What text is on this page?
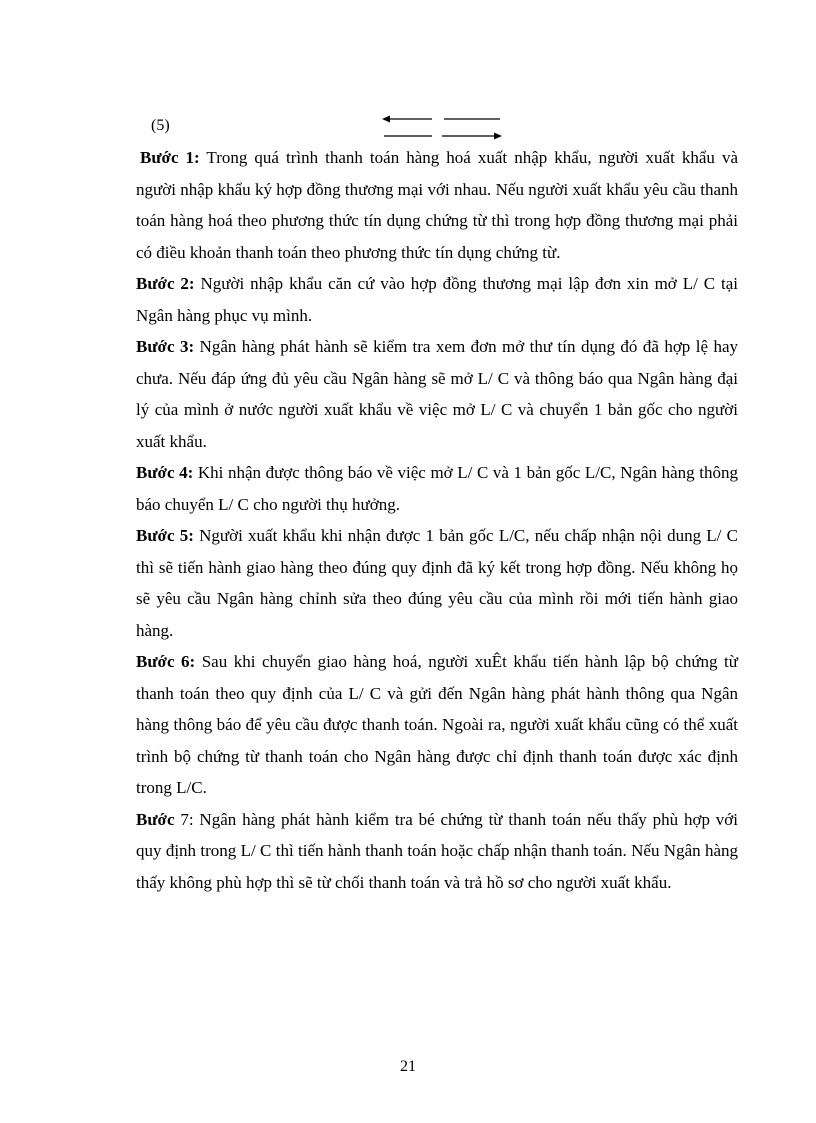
(5)

Bước 1: Trong quá trình thanh toán hàng hoá xuất nhập khẩu, người xuất khẩu và người nhập khẩu ký hợp đồng thương mại với nhau. Nếu người xuất khẩu yêu cầu thanh toán hàng hoá theo phương thức tín dụng chứng từ thì trong hợp đồng thương mại phải có điều khoản thanh toán theo phương thức tín dụng chứng từ.

Bước 2: Người nhập khẩu căn cứ vào hợp đồng thương mại lập đơn xin mở L/ C tại Ngân hàng phục vụ mình.

Bước 3: Ngân hàng phát hành sẽ kiểm tra xem đơn mở thư tín dụng đó đã hợp lệ hay chưa. Nếu đáp ứng đủ yêu cầu Ngân hàng sẽ mở L/ C và thông báo qua Ngân hàng đại lý của mình ở nước người xuất khẩu về việc mở L/ C và chuyển 1 bản gốc cho người xuất khẩu.

Bước 4: Khi nhận được thông báo về việc mở L/ C và 1 bản gốc L/C, Ngân hàng thông báo chuyển L/ C cho người thụ hưởng.

Bước 5: Người xuất khẩu khi nhận được 1 bản gốc L/C, nếu chấp nhận nội dung L/ C thì sẽ tiến hành giao hàng theo đúng quy định đã ký kết trong hợp đồng. Nếu không họ sẽ yêu cầu Ngân hàng chỉnh sửa theo đúng yêu cầu của mình rồi mới tiến hành giao hàng.

Bước 6: Sau khi chuyển giao hàng hoá, người xuÊt khẩu tiến hành lập bộ chứng từ thanh toán theo quy định của L/ C và gửi đến Ngân hàng phát hành thông qua Ngân hàng thông báo để yêu cầu được thanh toán. Ngoài ra, người xuất khẩu cũng có thể xuất trình bộ chứng từ thanh toán cho Ngân hàng được chỉ định thanh toán được xác định trong L/C.

Bước 7: Ngân hàng phát hành kiểm tra bé chứng từ thanh toán nếu thấy phù hợp với quy định trong L/ C thì tiến hành thanh toán hoặc chấp nhận thanh toán. Nếu Ngân hàng thấy không phù hợp thì sẽ từ chối thanh toán và trả hồ sơ cho người xuất khẩu.

21
